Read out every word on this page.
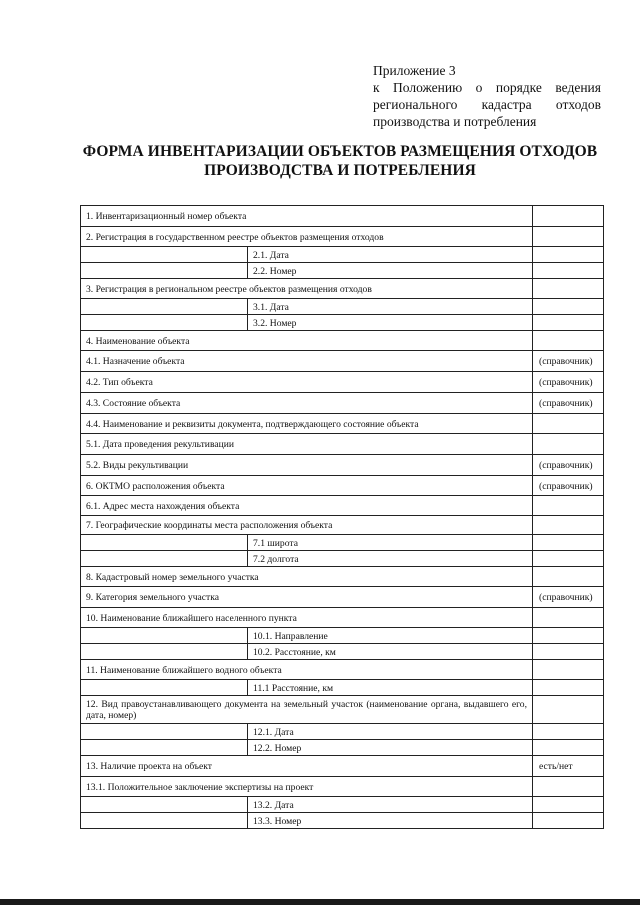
Приложение 3
к Положению о порядке ведения
регионального кадастра отходов
производства и потребления
ФОРМА ИНВЕНТАРИЗАЦИИ ОБЪЕКТОВ РАЗМЕЩЕНИЯ ОТХОДОВ
ПРОИЗВОДСТВА И ПОТРЕБЛЕНИЯ
1. Инвентаризационный номер объекта		
2. Регистрация в государственном реестре объектов размещения отходов		
	2.1. Дата	
	2.2. Номер	
3. Регистрация в региональном реестре объектов размещения отходов		
	3.1. Дата	
	3.2. Номер	
4. Наименование объекта		
4.1. Назначение объекта		(справочник)
4.2. Тип объекта		(справочник)
4.3. Состояние объекта		(справочник)
4.4. Наименование и реквизиты документа, подтверждающего состояние объекта		
5.1. Дата проведения рекультивации		
5.2. Виды рекультивации		(справочник)
6. ОКТМО расположения объекта		(справочник)
6.1. Адрес места нахождения объекта		
7. Географические координаты места расположения объекта		
	7.1 широта	
	7.2 долгота	
8. Кадастровый номер земельного участка		
9. Категория земельного участка		(справочник)
10. Наименование ближайшего населенного пункта		
	10.1. Направление	
	10.2. Расстояние, км	
11. Наименование ближайшего водного объекта		
	11.1 Расстояние, км	
12. Вид правоустанавливающего документа на земельный участок (наименование органа, выдавшего его, дата, номер)		
	12.1. Дата	
	12.2. Номер	
13. Наличие проекта на объект		есть/нет
13.1. Положительное заключение экспертизы на проект		
	13.2. Дата	
	13.3. Номер	
